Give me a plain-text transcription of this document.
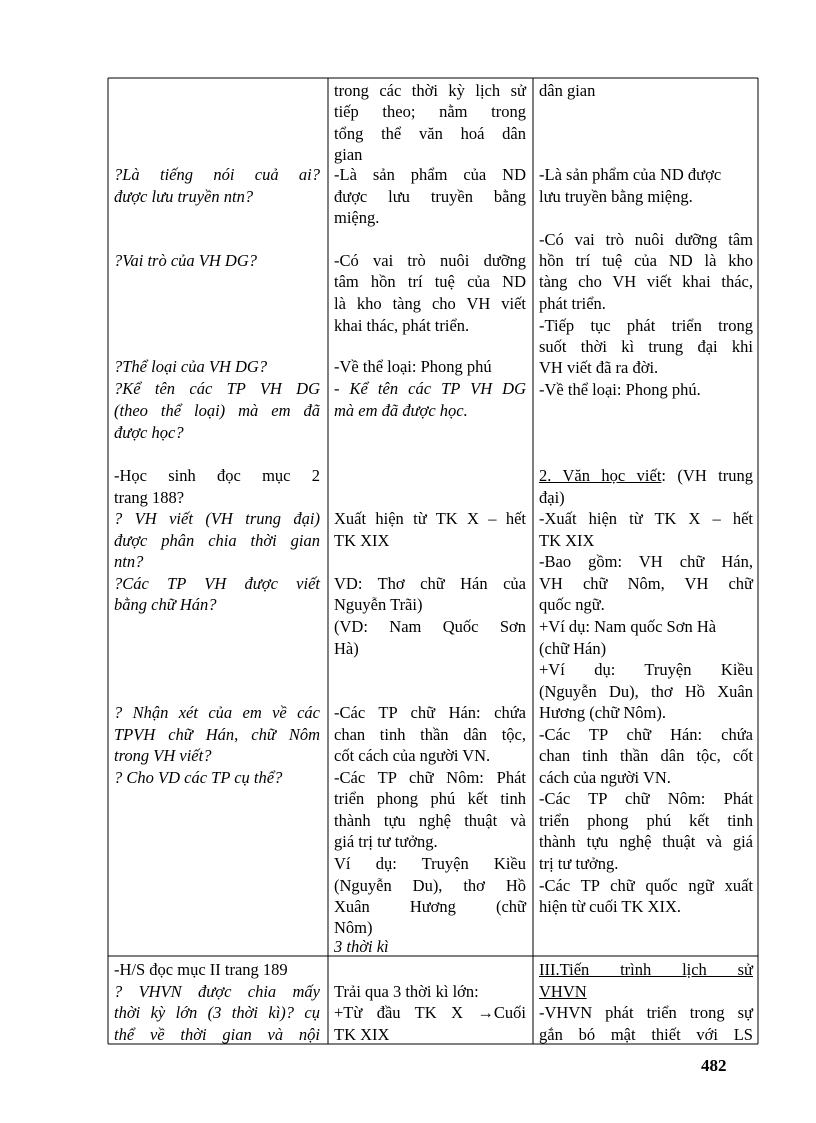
?Là tiếng nói cuả ai?
được lưu truyền ntn?
?Vai trò của VH DG?
?Thể loại của VH DG?
?Kể tên các TP VH DG
(theo thể loại) mà em đã
được học?
-Học sinh đọc mục 2
trang 188?
? VH viết (VH trung đại)
được phân chia thời gian
ntn?
?Các TP VH được viết
bằng chữ Hán?
? Nhận xét của em về các
TPVH chữ Hán, chữ Nôm
trong VH viết?
? Cho VD các TP cụ thể?
-H/S đọc mục II trang 189
? VHVN được chia mấy
thời kỳ lớn (3 thời kì)? cụ
thể về thời gian và nội
trong các thời kỳ lịch sử
tiếp theo; nằm trong
tổng thể văn hoá dân
gian
-Là sản phẩm của ND
được lưu truyền bằng
miệng.
-Có vai trò nuôi dưỡng
tâm hồn trí tuệ của ND
là kho tàng cho VH viết
khai thác, phát triển.
-Về thể loại: Phong phú
- Kể tên các TP VH DG
mà em đã được học.
Xuất hiện từ TK X – hết
TK XIX
VD: Thơ chữ Hán của
Nguyễn Trãi)
(VD: Nam Quốc Sơn
Hà)
-Các TP chữ Hán: chứa
chan tinh thần dân tộc,
cốt cách của người VN.
-Các TP chữ Nôm: Phát
triển phong phú kết tinh
thành tựu nghệ thuật và
giá trị tư tưởng.
Ví dụ: Truyện Kiều
(Nguyễn Du), thơ Hồ
Xuân Hương (chữ
Nôm)
3 thời kì
Trải qua 3 thời kì lớn:
+Từ đầu TK X →Cuối
TK XIX
dân gian
-Là sản phẩm của ND được
lưu truyền bằng miệng.
-Có vai trò nuôi dưỡng tâm
hồn trí tuệ của ND là kho
tàng cho VH viết khai thác,
phát triển.
-Tiếp tục phát triển trong
suốt thời kì trung đại khi
VH viết đã ra đời.
-Về thể loại: Phong phú.
2. Văn học viết: (VH trung
đại)
-Xuất hiện từ TK X – hết
TK XIX
-Bao gồm: VH chữ Hán,
VH chữ Nôm, VH chữ
quốc ngữ.
+Ví dụ: Nam quốc Sơn Hà
(chữ Hán)
+Ví dụ: Truyện Kiều
(Nguyễn Du), thơ Hồ Xuân
Hương (chữ Nôm).
-Các TP chữ Hán: chứa
chan tinh thần dân tộc, cốt
cách của người VN.
-Các TP chữ Nôm: Phát
triển phong phú kết tinh
thành tựu nghệ thuật và giá
trị tư tưởng.
-Các TP chữ quốc ngữ xuất
hiện từ cuối TK XIX.
III.Tiến trình lịch sử
VHVN
-VHVN phát triển trong sự
gắn bó mật thiết với LS
482
